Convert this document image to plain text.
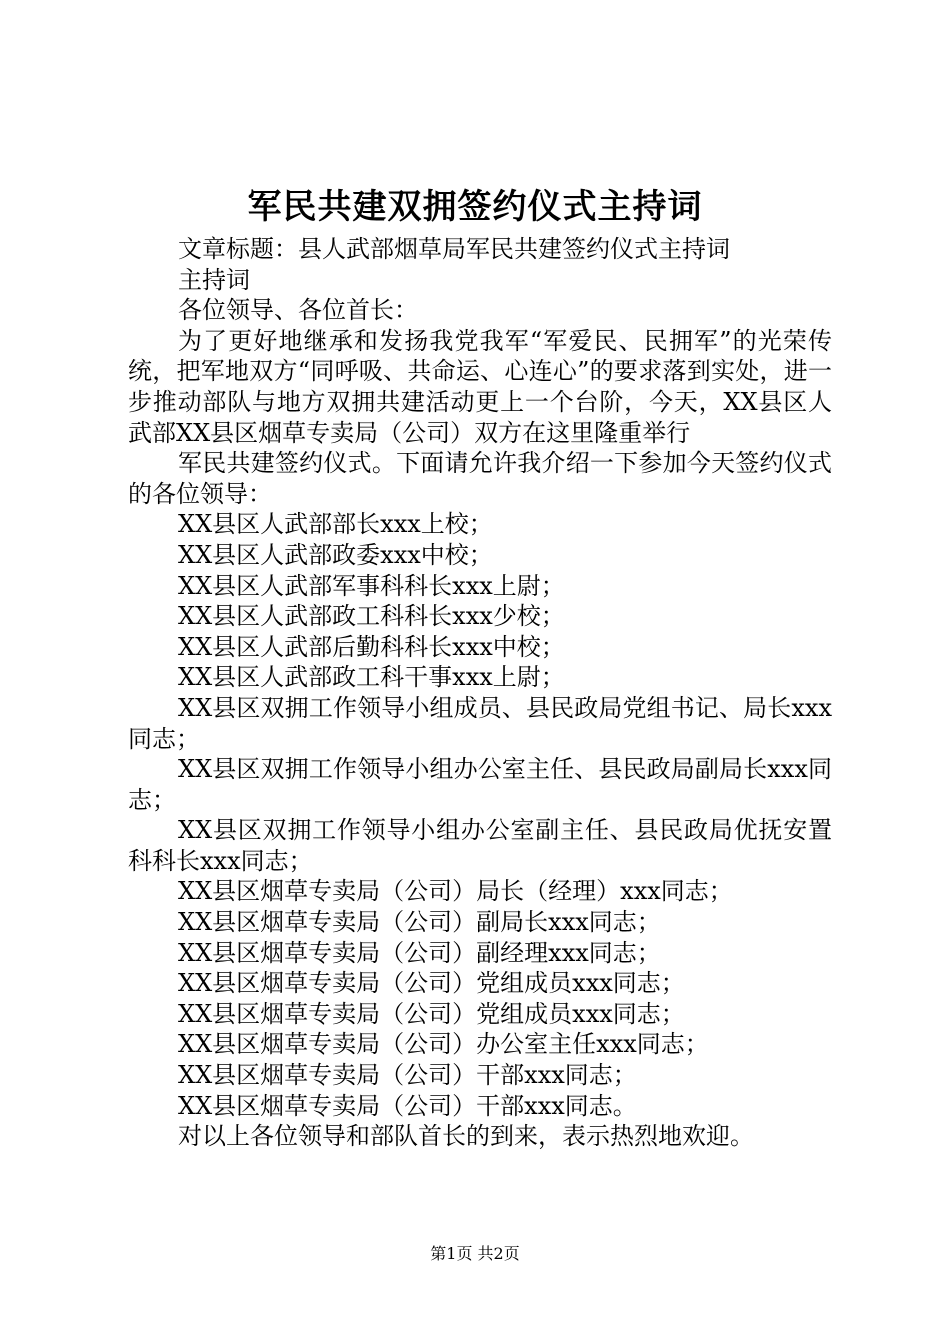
军民共建双拥签约仪式主持词

文章标题：县人武部烟草局军民共建签约仪式主持词

主持词

各位领导、各位首长：

为了更好地继承和发扬我党我军“军爱民、民拥军”的光荣传统，把军地双方“同呼吸、共命运、心连心”的要求落到实处，进一步推动部队与地方双拥共建活动更上一个台阶，今天，XX县区人武部XX县区烟草专卖局（公司）双方在这里隆重举行

军民共建签约仪式。下面请允许我介绍一下参加今天签约仪式的各位领导：

XX县区人武部部长xxx上校；

XX县区人武部政委xxx中校；

XX县区人武部军事科科长xxx上尉；

XX县区人武部政工科科长xxx少校；

XX县区人武部后勤科科长xxx中校；

XX县区人武部政工科干事xxx上尉；

XX县区双拥工作领导小组成员、县民政局党组书记、局长xxx同志；

XX县区双拥工作领导小组办公室主任、县民政局副局长xxx同志；

XX县区双拥工作领导小组办公室副主任、县民政局优抚安置科科长xxx同志；

XX县区烟草专卖局（公司）局长（经理）xxx同志；

XX县区烟草专卖局（公司）副局长xxx同志；

XX县区烟草专卖局（公司）副经理xxx同志；

XX县区烟草专卖局（公司）党组成员xxx同志；

XX县区烟草专卖局（公司）党组成员xxx同志；

XX县区烟草专卖局（公司）办公室主任xxx同志；

XX县区烟草专卖局（公司）干部xxx同志；

XX县区烟草专卖局（公司）干部xxx同志。

对以上各位领导和部队首长的到来，表示热烈地欢迎。

第1页 共2页
